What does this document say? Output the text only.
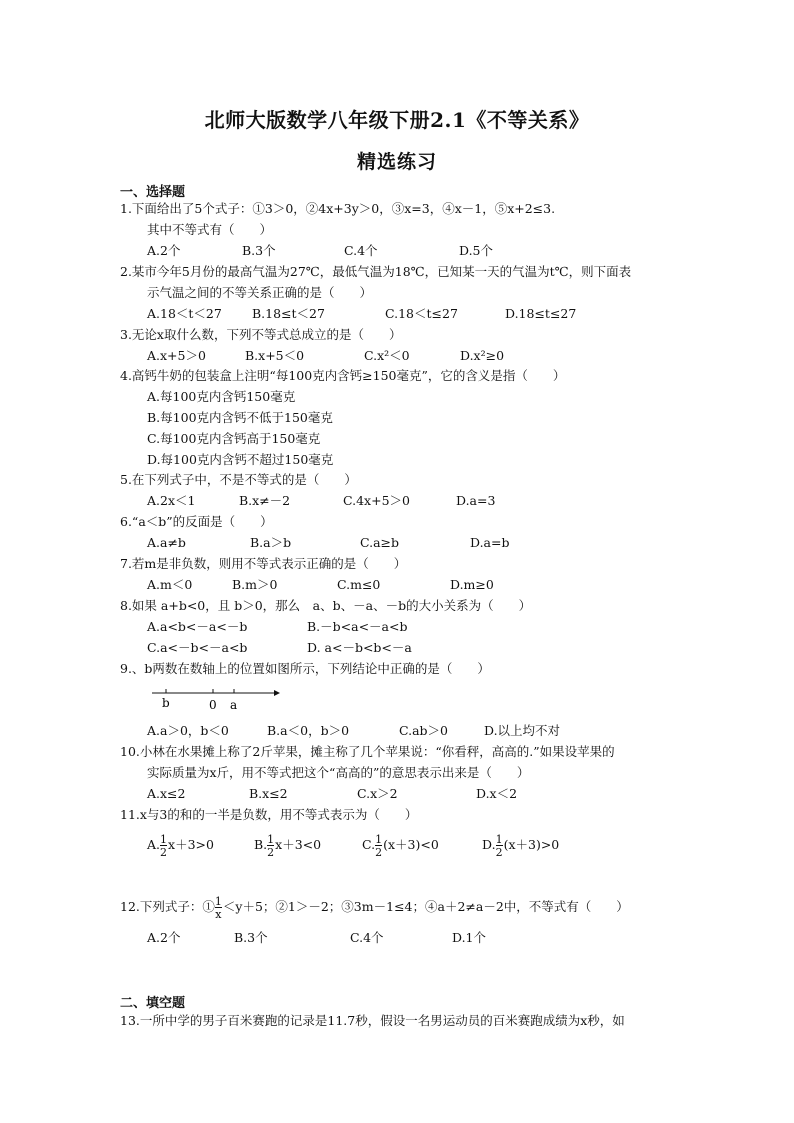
北师大版数学八年级下册2.1《不等关系》
精选练习
一、选择题
1.下面给出了5个式子：①3＞0，②4x+3y＞0，③x=3，④x－1，⑤x+2≤3.
其中不等式有（　　）
A.2个	B.3个	C.4个	D.5个
2.某市今年5月份的最高气温为27℃，最低气温为18℃，已知某一天的气温为t℃，则下面表
示气温之间的不等关系正确的是（　　）
A.18＜t＜27 B.18≤t＜27	C.18＜t≤27	D.18≤t≤27
3.无论x取什么数，下列不等式总成立的是（　　）
A.x+5＞0	B.x+5＜0	C.x²＜0	D.x²≥0
4.高钙牛奶的包装盒上注明“每100克内含钙≥150毫克”，它的含义是指（　　）
A.每100克内含钙150毫克
B.每100克内含钙不低于150毫克
C.每100克内含钙高于150毫克
D.每100克内含钙不超过150毫克
5.在下列式子中，不是不等式的是（　　）
A.2x＜1	B.x≠－2	C.4x+5＞0	D.a=3
6.“a＜b”的反面是（　　）
A.a≠b	B.a＞b	C.a≥b	D.a=b
7.若m是非负数，则用不等式表示正确的是（　　）
A.m＜0	B.m＞0	C.m≤0	D.m≥0
8.如果 a+b<0，且 b＞0，那么　a、b、－a、－b的大小关系为（　　）
A.a<b<－a<－b	B.－b<a<－a<b
C.a<－b<－a<b	D. a<－b<b<－a
9.、b两数在数轴上的位置如图所示，下列结论中正确的是（　　）
b	0 a
A.a＞0，b＜0	B.a＜0，b＞0	C.ab＞0	D.以上均不对
10.小林在水果摊上称了2斤苹果，摊主称了几个苹果说：“你看秤，高高的.”如果设苹果的
实际质量为x斤，用不等式把这个“高高的”的意思表示出来是（　　）
A.x≤2	B.x≤2	C.x＞2	D.x＜2
11.x与3的和的一半是负数，用不等式表示为（　　）
A. $\frac{1}{2} x+3>0$	B. $\frac{1}{2} x+3<0$	C. $\frac{1}{2} (x+3)<0$	D. $\frac{1}{2} (x+3)>0$
12.下列式子：① $\frac{1}{x} <y+5$；②1＞－2；③3m－1≤4；④a＋2≠a－2中，不等式有（　　）
A.2个	B.3个	C.4个	D.1个
二、填空题
13.一所中学的男子百米赛跑的记录是11.7秒，假设一名男运动员的百米赛跑成绩为x秒，如
